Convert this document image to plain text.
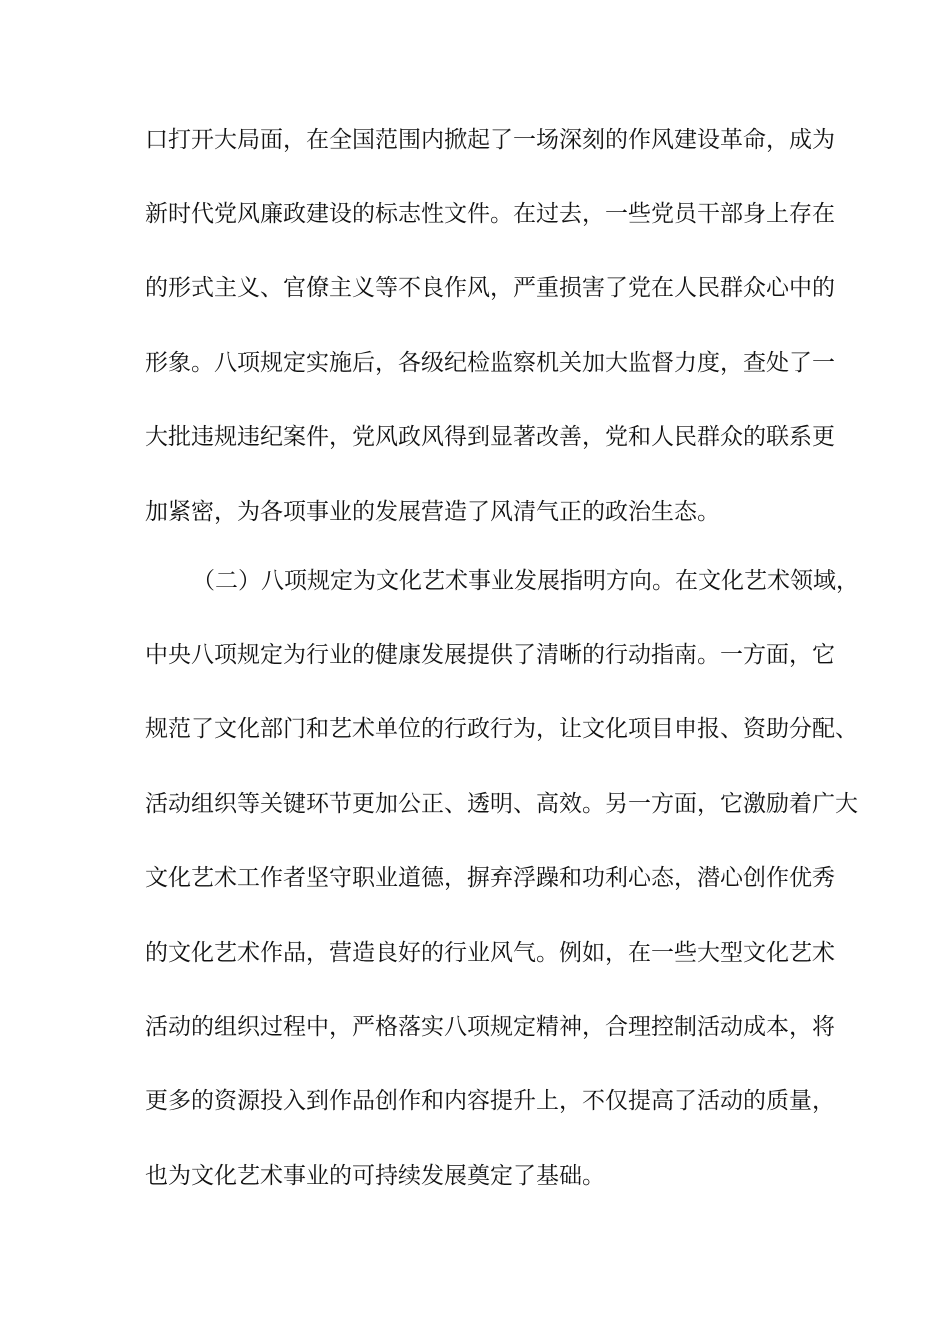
口打开大局面，在全国范围内掀起了一场深刻的作风建设革命，成为
新时代党风廉政建设的标志性文件。在过去，一些党员干部身上存在
的形式主义、官僚主义等不良作风，严重损害了党在人民群众心中的
形象。八项规定实施后，各级纪检监察机关加大监督力度，查处了一
大批违规违纪案件，党风政风得到显著改善，党和人民群众的联系更
加紧密，为各项事业的发展营造了风清气正的政治生态。
（二）八项规定为文化艺术事业发展指明方向。在文化艺术领域，
中央八项规定为行业的健康发展提供了清晰的行动指南。一方面，它
规范了文化部门和艺术单位的行政行为，让文化项目申报、资助分配、
活动组织等关键环节更加公正、透明、高效。另一方面，它激励着广大
文化艺术工作者坚守职业道德，摒弃浮躁和功利心态，潜心创作优秀
的文化艺术作品，营造良好的行业风气。例如，在一些大型文化艺术
活动的组织过程中，严格落实八项规定精神，合理控制活动成本，将
更多的资源投入到作品创作和内容提升上，不仅提高了活动的质量，
也为文化艺术事业的可持续发展奠定了基础。
